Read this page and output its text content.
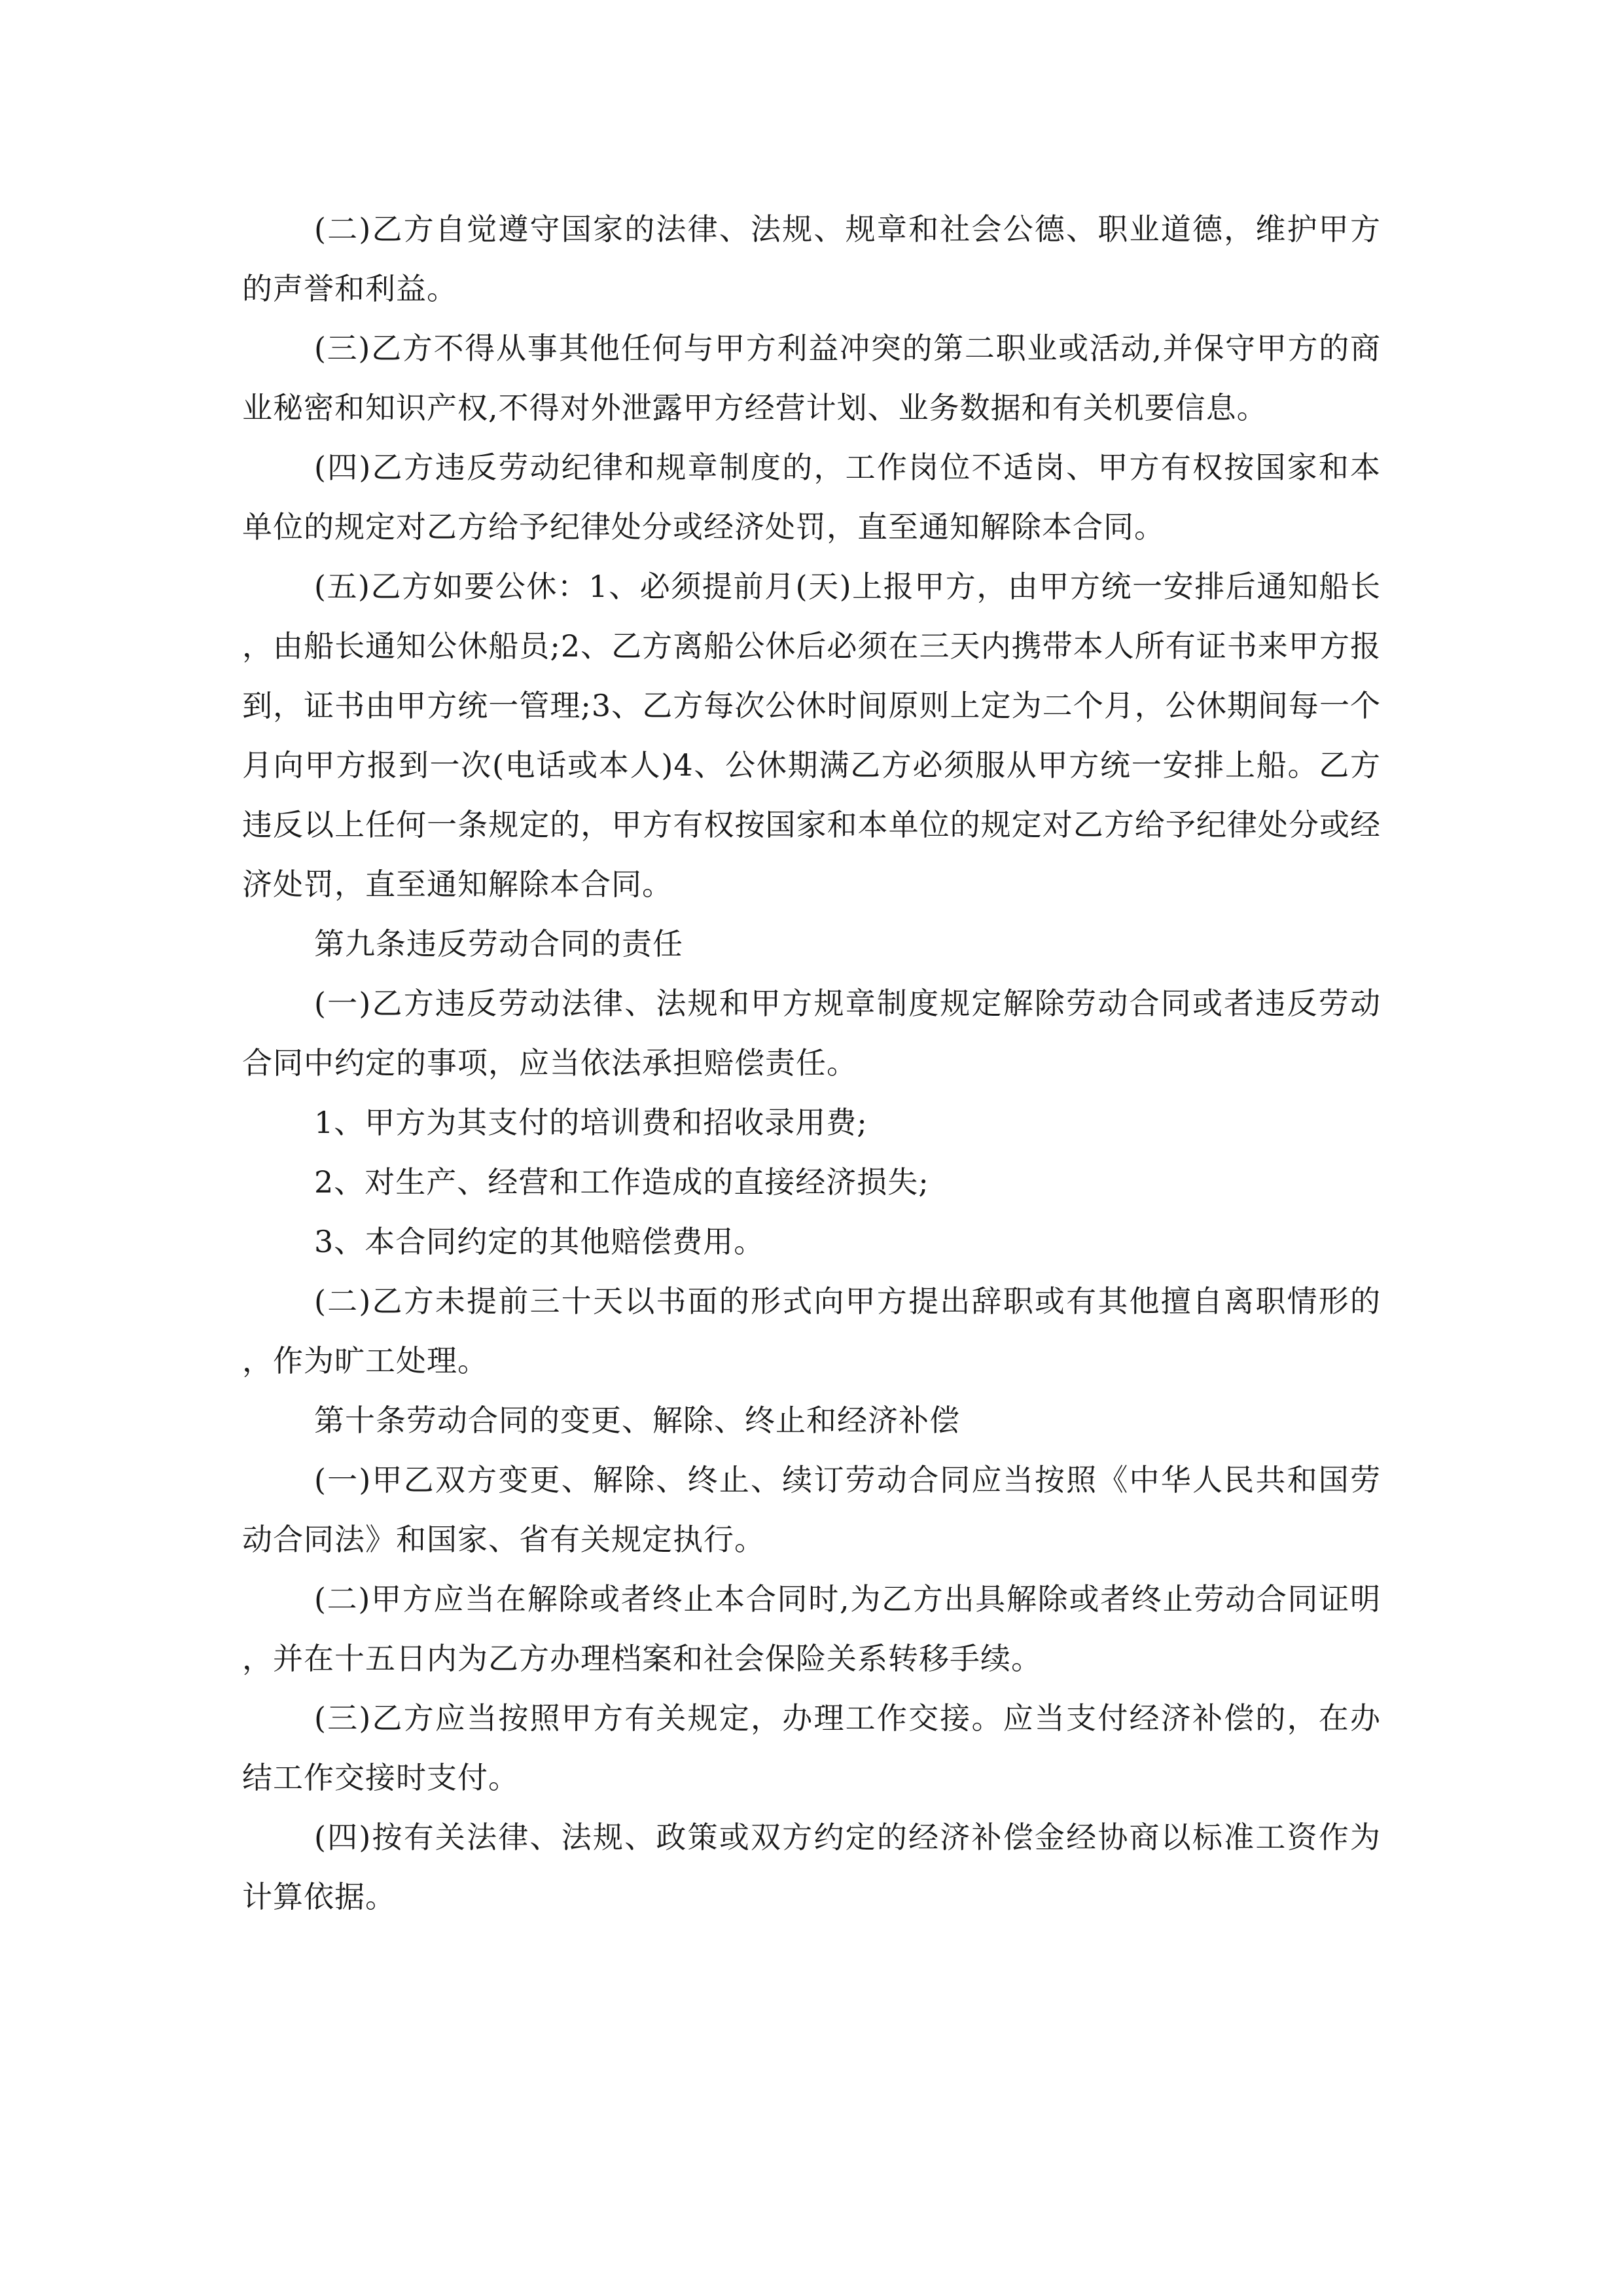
(二)乙方自觉遵守国家的法律、法规、规章和社会公德、职业道德，维护甲方的声誉和利益。

(三)乙方不得从事其他任何与甲方利益冲突的第二职业或活动,并保守甲方的商业秘密和知识产权,不得对外泄露甲方经营计划、业务数据和有关机要信息。

(四)乙方违反劳动纪律和规章制度的，工作岗位不适岗、甲方有权按国家和本单位的规定对乙方给予纪律处分或经济处罚，直至通知解除本合同。

(五)乙方如要公休：1、必须提前月(天)上报甲方，由甲方统一安排后通知船长，由船长通知公休船员;2、乙方离船公休后必须在三天内携带本人所有证书来甲方报到，证书由甲方统一管理;3、乙方每次公休时间原则上定为二个月，公休期间每一个月向甲方报到一次(电话或本人)4、公休期满乙方必须服从甲方统一安排上船。乙方违反以上任何一条规定的，甲方有权按国家和本单位的规定对乙方给予纪律处分或经济处罚，直至通知解除本合同。

第九条违反劳动合同的责任

(一)乙方违反劳动法律、法规和甲方规章制度规定解除劳动合同或者违反劳动合同中约定的事项，应当依法承担赔偿责任。

1、甲方为其支付的培训费和招收录用费;

2、对生产、经营和工作造成的直接经济损失;

3、本合同约定的其他赔偿费用。

(二)乙方未提前三十天以书面的形式向甲方提出辞职或有其他擅自离职情形的，作为旷工处理。

第十条劳动合同的变更、解除、终止和经济补偿

(一)甲乙双方变更、解除、终止、续订劳动合同应当按照《中华人民共和国劳动合同法》和国家、省有关规定执行。

(二)甲方应当在解除或者终止本合同时,为乙方出具解除或者终止劳动合同证明，并在十五日内为乙方办理档案和社会保险关系转移手续。

(三)乙方应当按照甲方有关规定，办理工作交接。应当支付经济补偿的，在办结工作交接时支付。

(四)按有关法律、法规、政策或双方约定的经济补偿金经协商以标准工资作为计算依据。
